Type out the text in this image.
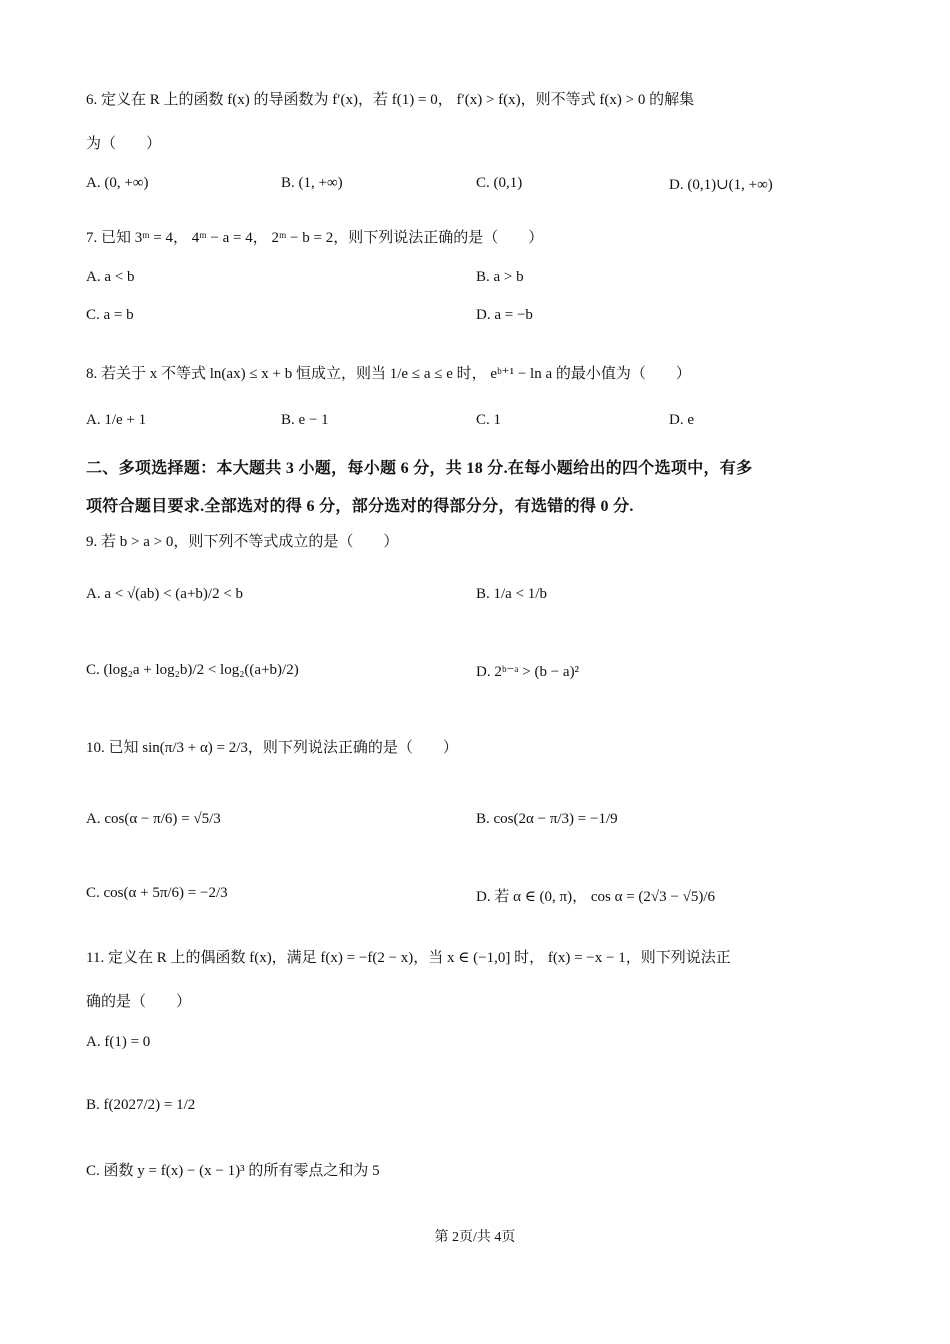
6. 定义在 R 上的函数 f(x) 的导函数为 f′(x)，若 f(1) = 0， f′(x) > f(x)，则不等式 f(x) > 0 的解集
为（　　）
A. (0, +∞)	B. (1, +∞)	C. (0,1)	D. (0,1)∪(1, +∞)
7. 已知 3ᵐ = 4， 4ᵐ − a = 4， 2ᵐ − b = 2，则下列说法正确的是（　　）
A. a < b	B. a > b
C. a = b	D. a = −b
8. 若关于 x 不等式 ln(ax) ≤ x + b 恒成立，则当 1/e ≤ a ≤ e 时， eᵇ⁺¹ − ln a 的最小值为（　　）
A. 1/e + 1	B. e − 1	C. 1	D. e
二、多项选择题：本大题共 3 小题，每小题 6 分，共 18 分.在每小题给出的四个选项中，有多
项符合题目要求.全部选对的得 6 分，部分选对的得部分分，有选错的得 0 分.
9. 若 b > a > 0，则下列不等式成立的是（　　）
A. a < √(ab) < (a+b)/2 < b	B. 1/a < 1/b
C. (log₂a + log₂b)/2 < log₂((a+b)/2)	D. 2ᵇ⁻ᵃ > (b − a)²
10. 已知 sin(π/3 + α) = 2/3，则下列说法正确的是（　　）
A. cos(α − π/6) = √5/3	B. cos(2α − π/3) = −1/9
C. cos(α + 5π/6) = −2/3	D. 若 α ∈ (0, π)， cos α = (2√3 − √5)/6
11. 定义在 R 上的偶函数 f(x)，满足 f(x) = −f(2 − x)，当 x ∈ (−1,0] 时， f(x) = −x − 1，则下列说法正
确的是（　　）
A. f(1) = 0
B. f(2027/2) = 1/2
C. 函数 y = f(x) − (x − 1)³ 的所有零点之和为 5
第 2页/共 4页
